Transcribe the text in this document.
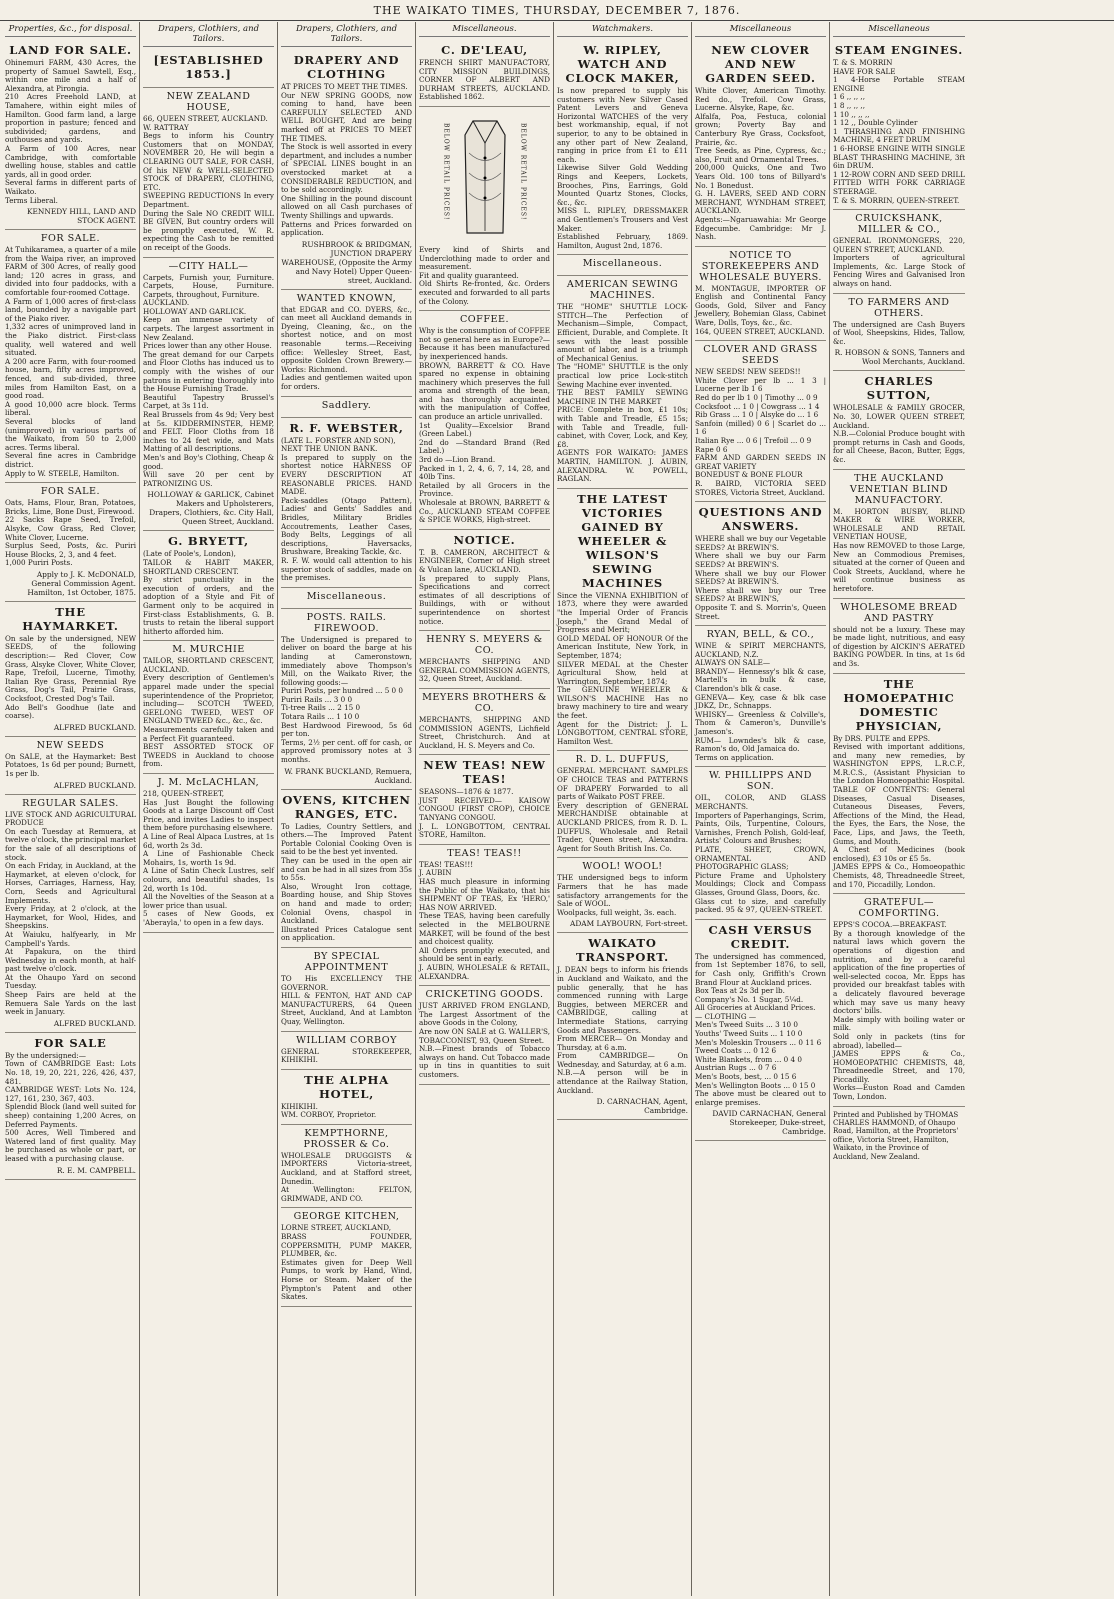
THE WAIKATO TIMES, THURSDAY, DECEMBER 7, 1876.
Properties, &c., for disposal.
LAND FOR SALE.

Ohinemuri FARM, 430 Acres, the property of Samuel Sawtell, Esq., within one mile and a half of Alexandra, at Pirongia.

210 Acres Freehold LAND, at Tamahere, within eight miles of Hamilton. Good farm land, a large proportion in pasture; fenced and subdivided; gardens, and outhouses and yards.

A Farm of 100 Acres, near Cambridge, with comfortable dwelling house, stables and cattle yards, all in good order.

Several farms in different parts of Waikato.

Terms Liberal.

KENNEDY HILL, LAND AND STOCK AGENT.
FOR SALE.

At Tuhikaramea, a quarter of a mile from the Waipa river, an improved FARM of 300 Acres, of really good land; 120 acres in grass, and divided into four paddocks, with a comfortable four-roomed Cottage.

A Farm of 1,000 acres of first-class land, bounded by a navigable part of the Piako river.

1,332 acres of unimproved land in the Piako district. First-class quality, well watered and well situated.

A 200 acre Farm, with four-roomed house, barn, fifty acres improved, fenced, and sub-divided, three miles from Hamilton East, on a good road.

A good 10,000 acre block. Terms liberal.

Several blocks of land (unimproved) in various parts of the Waikato, from 50 to 2,000 acres. Terms liberal.

Several fine acres in Cambridge district.

Apply to W. STEELE, Hamilton.

FOR SALE.

Oats, Hams, Flour, Bran, Potatoes, Bricks, Lime, Bone Dust, Firewood.

22 Sacks Rape Seed, Trefoil, Alsyke, Cow Grass, Red Clover, White Clover, Lucerne.

Surplus Seed, Posts, &c. Puriri House Blocks, 2, 3, and 4 feet.

1,000 Puriri Posts.

Apply to J. K. McDONALD, General Commission Agent. Hamilton, 1st October, 1875.
THE HAYMARKET.

On sale by the undersigned, NEW SEEDS, of the following description:— Red Clover, Cow Grass, Alsyke Clover, White Clover, Rape, Trefoil, Lucerne, Timothy, Italian Rye Grass, Perennial Rye Grass, Dog's Tail, Prairie Grass, Cocksfoot, Crested Dog's Tail.

Ado Bell's Goodhue (late and coarse).

ALFRED BUCKLAND.
NEW SEEDS

On SALE, at the Haymarket: Best Potatoes, 1s 6d per pound; Burnett, 1s per lb.

ALFRED BUCKLAND.
REGULAR SALES.

LIVE STOCK AND AGRICULTURAL PRODUCE

On each Tuesday at Remuera, at twelve o'clock, the principal market for the sale of all descriptions of stock.

On each Friday, in Auckland, at the Haymarket, at eleven o'clock, for Horses, Carriages, Harness, Hay, Corn, Seeds and Agricultural Implements.

Every Friday, at 2 o'clock, at the Haymarket, for Wool, Hides, and Sheepskins.

At Waiuku, halfyearly, in Mr Campbell's Yards.

At Papakura, on the third Wednesday in each month, at half-past twelve o'clock.

At the Ohaupo Yard on second Tuesday.

Sheep Fairs are held at the Remuera Sale Yards on the last week in January.

ALFRED BUCKLAND.
FOR SALE

By the undersigned:—

Town of CAMBRIDGE East: Lots No. 18, 19, 20, 221, 226, 426, 437, 481.

CAMBRIDGE WEST: Lots No. 124, 127, 161, 230, 367, 403.

Splendid Block (land well suited for sheep) containing 1,200 Acres, on Deferred Payments.

500 Acres, Well Timbered and Watered land of first quality. May be purchased as whole or part, or leased with a purchasing clause.

R. E. M. CAMPBELL.
Drapers, Clothiers, and Tailors.
[ESTABLISHED 1853.]
NEW ZEALAND HOUSE,

66, QUEEN STREET, AUCKLAND.

W. RATTRAY

Begs to inform his Country Customers that on MONDAY, NOVEMBER 20, He will begin a CLEARING OUT SALE, FOR CASH, Of his NEW & WELL-SELECTED STOCK of DRAPERY, CLOTHING, ETC.

SWEEPING REDUCTIONS In every Department.

During the Sale NO CREDIT WILL BE GIVEN, But country orders will be promptly executed, W. R. expecting the Cash to be remitted on receipt of the Goods.

—CITY HALL—

Carpets, Furnish your, Furniture. Carpets, House, Furniture. Carpets, throughout, Furniture.

AUCKLAND.

HOLLOWAY AND GARLICK.

Keep an immense variety of carpets. The largest assortment in New Zealand.

Prices lower than any other House.

The great demand for our Carpets and Floor Cloths has induced us to comply with the wishes of our patrons in entering thoroughly into the House Furnishing Trade.

Beautiful Tapestry Brussel's Carpet, at 3s 11d.

Real Brussels from 4s 9d; Very best at 5s. KIDDERMINSTER, HEMP, and FELT. Floor Cloths from 18 inches to 24 feet wide, and Mats Matting of all descriptions.

Men's and Boy's Clothing, Cheap & good.

Will save 20 per cent by PATRONIZING US.

HOLLOWAY & GARLICK, Cabinet Makers and Upholsterers, Drapers, Clothiers, &c. City Hall, Queen Street, Auckland.
G. BRYETT,

(Late of Poole's, London),

TAILOR & HABIT MAKER, SHORTLAND CRESCENT.

By strict punctuality in the execution of orders, and the adoption of a Style and Fit of Garment only to be acquired in First-class Establishments, G. B. trusts to retain the liberal support hitherto afforded him.

M. MURCHIE

TAILOR, SHORTLAND CRESCENT, AUCKLAND.

Every description of Gentlemen's apparel made under the special superintendence of the Proprietor, including— SCOTCH TWEED, GEELONG TWEED, WEST OF ENGLAND TWEED &c., &c., &c.

Measurements carefully taken and a Perfect Fit guaranteed.

BEST ASSORTED STOCK OF TWEEDS in Auckland to choose from.

J. M. McLACHLAN,

218, QUEEN-STREET,

Has Just Bought the following Goods at a Large Discount off Cost Price, and invites Ladies to inspect them before purchasing elsewhere.

A Line of Real Alpaca Lustres, at 1s 6d, worth 2s 3d.

A Line of Fashionable Check Mohairs, 1s, worth 1s 9d.

A Line of Satin Check Lustres, self colours, and beautiful shades, 1s 2d, worth 1s 10d.

All the Novelties of the Season at a lower price than usual.

5 cases of New Goods, ex 'Aberayla,' to open in a few days.

Drapers, Clothiers, and Tailors.
DRAPERY AND CLOTHING

AT PRICES TO MEET THE TIMES.

Our NEW SPRING GOODS, now coming to hand, have been CAREFULLY SELECTED AND WELL BOUGHT, And are being marked off at PRICES TO MEET THE TIMES.

The Stock is well assorted in every department, and includes a number of SPECIAL LINES bought in an overstocked market at a CONSIDERABLE REDUCTION, and to be sold accordingly.

One Shilling in the pound discount allowed on all Cash purchases of Twenty Shillings and upwards.

Patterns and Prices forwarded on application.

RUSHBROOK & BRIDGMAN, JUNCTION DRAPERY WAREHOUSE, (Opposite the Army and Navy Hotel) Upper Queen-street, Auckland.
WANTED KNOWN,

that EDGAR and CO. DYERS, &c., can meet all Auckland demands in Dyeing, Cleaning, &c., on the shortest notice, and on most reasonable terms.—Receiving office: Wellesley Street, East, opposite Golden Crown Brewery.—Works: Richmond.

Ladies and gentlemen waited upon for orders.

Saddlery.
R. F. WEBSTER,

(LATE L. FORSTER AND SON),

NEXT THE UNION BANK.

Is prepared to supply on the shortest notice HARNESS OF EVERY DESCRIPTION AT REASONABLE PRICES. HAND MADE.

Pack-saddles (Otago Pattern), Ladies' and Gents' Saddles and Bridles, Military Bridles Accoutrements, Leather Cases, Body Belts, Leggings of all descriptions, Haversacks, Brushware, Breaking Tackle, &c.

R. F. W. would call attention to his superior stock of saddles, made on the premises.

Miscellaneous.
POSTS. RAILS. FIREWOOD.

The Undersigned is prepared to deliver on board the barge at his landing at Cameronstown, immediately above Thompson's Mill, on the Waikato River, the following goods:—

Puriri Posts, per hundred ... 5 0 0

Puriri Rails ... 3 0 0

Ti-tree Rails ... 2 15 0

Totara Rails ... 1 10 0

Best Hardwood Firewood, 5s 6d per ton.

Terms, 2½ per cent. off for cash, or approved promissory notes at 3 months.

W. FRANK BUCKLAND, Remuera, Auckland.
OVENS, KITCHEN RANGES, ETC.

To Ladies, Country Settlers, and others.—The Improved Patent Portable Colonial Cooking Oven is said to be the best yet invented.

They can be used in the open air and can be had in all sizes from 35s to 55s.

Also, Wrought Iron cottage, Boarding house, and Ship Stoves on hand and made to order; Colonial Ovens, chaspol in Auckland.

Illustrated Prices Catalogue sent on application.

BY SPECIAL APPOINTMENT

TO His EXCELLENCY THE GOVERNOR.

HILL & FENTON, HAT AND CAP MANUFACTURERS, 64 Queen Street, Auckland, And at Lambton Quay, Wellington.

WILLIAM CORBOY

GENERAL STOREKEEPER, KIHIKIHI.

THE ALPHA HOTEL,

KIHIKIHI.

WM. CORBOY, Proprietor.

KEMPTHORNE, PROSSER & Co.

WHOLESALE DRUGGISTS & IMPORTERS Victoria-street, Auckland, and at Stafford street, Dunedin.

At Wellington: FELTON, GRIMWADE, AND CO.

GEORGE KITCHEN,

LORNE STREET, AUCKLAND,

BRASS FOUNDER, COPPERSMITH, PUMP MAKER, PLUMBER, &c.

Estimates given for Deep Well Pumps, to work by Hand, Wind, Horse or Steam. Maker of the Plympton's Patent and other Skates.

Miscellaneous.
C. DE'LEAU,

FRENCH SHIRT MANUFACTORY, CITY MISSION BUILDINGS, CORNER OF ALBERT AND DURHAM STREETS, AUCKLAND. Established 1862.

BELOW RETAIL PRICES!	BELOW RETAIL PRICES!

Every kind of Shirts and Underclothing made to order and measurement.

Fit and quality guaranteed.

Old Shirts Re-fronted, &c. Orders executed and forwarded to all parts of the Colony.

COFFEE.

Why is the consumption of COFFEE not so general here as in Europe?—Because it has been manufactured by inexperienced hands.

BROWN, BARRETT & CO. Have spared no expense in obtaining machinery which preserves the full aroma and strength of the bean, and has thoroughly acquainted with the manipulation of Coffee, can produce an article unrivalled.

1st Quality—Excelsior Brand (Green Label.)

2nd do —Standard Brand (Red Label.)

3rd do —Lion Brand.

Packed in 1, 2, 4, 6, 7, 14, 28, and 40lb Tins.

Retailed by all Grocers in the Province.

Wholesale at BROWN, BARRETT & Co., AUCKLAND STEAM COFFEE & SPICE WORKS, High-street.

NOTICE.

T. B. CAMERON, ARCHITECT & ENGINEER, Corner of High street & Vulcan lane, AUCKLAND.

Is prepared to supply Plans, Specifications and correct estimates of all descriptions of Buildings, with or without superintendence on shortest notice.

HENRY S. MEYERS & CO.

MERCHANTS SHIPPING AND GENERAL COMMISSION AGENTS, 32, Queen Street, Auckland.

MEYERS BROTHERS & CO.

MERCHANTS, SHIPPING AND COMMISSION AGENTS, Lichfield Street, Christchurch. And at Auckland, H. S. Meyers and Co.

NEW TEAS! NEW TEAS!

SEASONS—1876 & 1877.

JUST RECEIVED— KAISOW CONGOU (FIRST CROP), CHOICE TANYANG CONGOU.

J. L. LONGBOTTOM, CENTRAL STORE, Hamilton.

TEAS! TEAS!!

TEAS! TEAS!!!

J. AUBIN

HAS much pleasure in informing the Public of the Waikato, that his SHIPMENT OF TEAS, Ex 'HERO,' HAS NOW ARRIVED.

These TEAS, having been carefully selected in the MELBOURNE MARKET, will be found of the best and choicest quality.

All Orders promptly executed, and should be sent in early.

J. AUBIN, WHOLESALE & RETAIL, ALEXANDRA.

CRICKETING GOODS.

JUST ARRIVED FROM ENGLAND, The Largest Assortment of the above Goods in the Colony,

Are now ON SALE at G. WALLER'S, TOBACCONIST, 93, Queen Street.

N.B.—Finest brands of Tobacco always on hand. Cut Tobacco made up in tins in quantities to suit customers.

Watchmakers.
W. RIPLEY, WATCH AND CLOCK MAKER,

Is now prepared to supply his customers with New Silver Cased Patent Levers and Geneva Horizontal WATCHES of the very best workmanship, equal, if not superior, to any to be obtained in any other part of New Zealand, ranging in price from £1 to £11 each.

Likewise Silver Gold Wedding Rings and Keepers, Lockets, Brooches, Pins, Earrings, Gold Mounted Quartz Stones, Clocks, &c., &c.

MISS L. RIPLEY, DRESSMAKER and Gentlemen's Trousers and Vest Maker.

Established February, 1869. Hamilton, August 2nd, 1876.

Miscellaneous.
AMERICAN SEWING MACHINES.

THE "HOME" SHUTTLE LOCK-STITCH—The Perfection of Mechanism—Simple, Compact, Efficient, Durable, and Complete. It sews with the least possible amount of labor, and is a triumph of Mechanical Genius.

The "HOME" SHUTTLE is the only practical low price Lock-stitch Sewing Machine ever invented.

THE BEST FAMILY SEWING MACHINE IN THE MARKET

PRICE: Complete in box, £1 10s; with Table and Treadle, £5 15s; with Table and Treadle, full-cabinet, with Cover, Lock, and Key, £8.

AGENTS FOR WAIKATO: JAMES MARTIN, HAMILTON. J. AUBIN, ALEXANDRA. W. POWELL, RAGLAN.

THE LATEST VICTORIES GAINED BY WHEELER & WILSON'S SEWING MACHINES

Since the VIENNA EXHIBITION of 1873, where they were awarded "the Imperial Order of Francis Joseph," the Grand Medal of Progress and Merit;

GOLD MEDAL OF HONOUR Of the American Institute, New York, in September, 1874;

SILVER MEDAL at the Chester Agricultural Show, held at Warrington, September, 1874;

The GENUINE WHEELER & WILSON'S MACHINE Has no brawy machinery to tire and weary the feet.

Agent for the District: J. L. LONGBOTTOM, CENTRAL STORE, Hamilton West.

R. D. L. DUFFUS,

GENERAL MERCHANT. SAMPLES OF CHOICE TEAS and PATTERNS OF DRAPERY Forwarded to all parts of Waikato POST FREE.

Every description of GENERAL MERCHANDISE obtainable at AUCKLAND PRICES, from R. D. L. DUFFUS, Wholesale and Retail Trader, Queen street, Alexandra. Agent for South British Ins. Co.

WOOL! WOOL!

THE undersigned begs to inform Farmers that he has made satisfactory arrangements for the Sale of WOOL.

Woolpacks, full weight, 3s. each.

ADAM LAYBOURN, Fort-street.
WAIKATO TRANSPORT.

J. DEAN begs to inform his friends in Auckland and Waikato, and the public generally, that he has commenced running with Large Buggies, between MERCER and CAMBRIDGE, calling at Intermediate Stations, carrying Goods and Passengers.

From MERCER— On Monday and Thursday, at 6 a.m.

From CAMBRIDGE— On Wednesday, and Saturday, at 6 a.m.

N.B.—A person will be in attendance at the Railway Station, Auckland.

D. CARNACHAN, Agent, Cambridge.
Miscellaneous
NEW CLOVER AND NEW GARDEN SEED.

White Clover, American Timothy. Red do., Trefoil. Cow Grass, Lucerne. Alsyke, Rape, &c.

Alfalfa, Poa, Festuca, colonial grown; Poverty Bay and Canterbury Rye Grass, Cocksfoot, Prairie, &c.

Tree Seeds, as Pine, Cypress, &c.; also, Fruit and Ornamental Trees.

200,000 Quicks, One and Two Years Old. 100 tons of Billyard's No. 1 Bonedust.

G. H. LAVERS, SEED AND CORN MERCHANT, WYNDHAM STREET, AUCKLAND.

Agents:—Ngaruawahia: Mr George Edgecumbe. Cambridge: Mr J. Nash.

NOTICE TO STOREKEEPERS AND WHOLESALE BUYERS.

M. MONTAGUE, IMPORTER OF English and Continental Fancy Goods, Gold, Silver and Fancy Jewellery, Bohemian Glass, Cabinet Ware, Dolls, Toys, &c., &c.

164, QUEEN STREET, AUCKLAND.

CLOVER AND GRASS SEEDS

NEW SEEDS! NEW SEEDS!!

White Clover per lb ... 1 3 | Lucerne per lb 1 6

Red do per lb 1 0 | Timothy ... 0 9

Cocksfoot ... 1 0 | Cowgrass ... 1 4

Rib Grass ... 1 0 | Alsyke do ... 1 6

Sanfoin (milled) 0 6 | Scarlet do ... 1 6

Italian Rye ... 0 6 | Trefoil ... 0 9

Rape 0 6

FARM AND GARDEN SEEDS IN GREAT VARIETY

BONEDUST & BONE FLOUR

R. BAIRD, VICTORIA SEED STORES, Victoria Street, Auckland.

QUESTIONS AND ANSWERS.

WHERE shall we buy our Vegetable SEEDS? At BREWIN'S.

Where shall we buy our Farm SEEDS? At BREWIN'S.

Where shall we buy our Flower SEEDS? At BREWIN'S.

Where shall we buy our Tree SEEDS? At BREWIN'S,

Opposite T. and S. Morrin's, Queen Street.

RYAN, BELL, & CO.,

WINE & SPIRIT MERCHANTS, AUCKLAND, N.Z.

ALWAYS ON SALE—

BRANDY— Hennessy's blk & case, Martell's in bulk & case, Clarendon's blk & case.

GENEVA— Key, case & blk case JDKZ, Dr., Schnapps.

WHISKY— Greenless & Colville's, Thom & Cameron's, Dunville's Jameson's.

RUM— Lowndes's blk & case, Ramon's do, Old Jamaica do.

Terms on application.

W. PHILLIPPS AND SON.

OIL, COLOR, AND GLASS MERCHANTS.

Importers of Paperhangings, Scrim, Paints, Oils, Turpentine, Colours, Varnishes, French Polish, Gold-leaf, Artists' Colours and Brushes;

PLATE, SHEET, CROWN, ORNAMENTAL AND PHOTOGRAPHIC GLASS;

Picture Frame and Upholstery Mouldings; Clock and Compass Glasses, Ground Glass, Doors, &c.

Glass cut to size, and carefully packed. 95 & 97, QUEEN-STREET.

CASH VERSUS CREDIT.

The undersigned has commenced, from 1st September 1876, to sell, for Cash only, Griffith's Crown Brand Flour at Auckland prices.

Box Teas at 2s 3d per lb.

Company's No. 1 Sugar, 5¼d.

All Groceries at Auckland Prices.

— CLOTHING —

Men's Tweed Suits ... 3 10 0

Youths' Tweed Suits ... 1 10 0

Men's Moleskin Trousers ... 0 11 6

Tweed Coats ... 0 12 6

White Blankets, from ... 0 4 0

Austrian Rugs ... 0 7 6

Men's Boots, best, ... 0 15 6

Men's Wellington Boots ... 0 15 0

The above must be cleared out to enlarge premises.

DAVID CARNACHAN, General Storekeeper, Duke-street, Cambridge.
Miscellaneous
STEAM ENGINES.

T. & S. MORRIN

HAVE FOR SALE

1 4-Horse Portable STEAM ENGINE

1 6 ,, ,, ,,

1 8 ,, ,, ,,

1 10 ,, ,, ,,

1 12 ,, Double Cylinder

1 THRASHING AND FINISHING MACHINE, 4 FEET DRUM

1 6-HORSE ENGINE WITH SINGLE BLAST THRASHING MACHINE, 3ft 6in DRUM.

1 12-ROW CORN AND SEED DRILL FITTED WITH FORK CARRIAGE STEERAGE.

T. & S. MORRIN, QUEEN-STREET.

CRUICKSHANK, MILLER & CO.,

GENERAL IRONMONGERS, 220, QUEEN STREET, AUCKLAND.

Importers of agricultural Implements, &c. Large Stock of Fencing Wires and Galvanised Iron always on hand.

TO FARMERS AND OTHERS.

The undersigned are Cash Buyers of Wool, Sheepskins, Hides, Tallow, &c.

R. HOBSON & SONS, Tanners and Wool Merchants, Auckland.
CHARLES SUTTON,

WHOLESALE & FAMILY GROCER, No. 30, LOWER QUEEN STREET, Auckland.

N.B.—Colonial Produce bought with prompt returns in Cash and Goods, for all Cheese, Bacon, Butter, Eggs, &c.

THE AUCKLAND VENETIAN BLIND MANUFACTORY.

M. HORTON BUSBY, BLIND MAKER & WIRE WORKER, WHOLESALE AND RETAIL VENETIAN HOUSE,

Has now REMOVED to those Large, New an Commodious Premises, situated at the corner of Queen and Cook Streets, Auckland, where he will continue business as heretofore.

WHOLESOME BREAD AND PASTRY

should not be a luxury. These may be made light, nutritious, and easy of digestion by AICKIN'S AERATED BAKING POWDER. In tins, at 1s 6d and 3s.

THE HOMOEPATHIC DOMESTIC PHYSICIAN,

By DRS. PULTE and EPPS.

Revised with important additions, and many new remedies, by WASHINGTON EPPS, L.R.C.P., M.R.C.S., (Assistant Physician to the London Homoeopathic Hospital.

TABLE OF CONTENTS: General Diseases, Casual Diseases, Cutaneous Diseases, Fevers, Affections of the Mind, the Head, the Eyes, the Ears, the Nose, the Face, Lips, and Jaws, the Teeth, Gums, and Mouth.

A Chest of Medicines (book enclosed), £3 10s or £5 5s.

JAMES EPPS & Co., Homoeopathic Chemists, 48, Threadneedle Street, and 170, Piccadilly, London.

GRATEFUL—COMFORTING.

EPPS'S COCOA.—BREAKFAST.

By a thorough knowledge of the natural laws which govern the operations of digestion and nutrition, and by a careful application of the fine properties of well-selected cocoa, Mr. Epps has provided our breakfast tables with a delicately flavoured beverage which may save us many heavy doctors' bills.

Made simply with boiling water or milk.

Sold only in packets (tins for abroad), labelled—

JAMES EPPS & Co., HOMOEOPATHIC CHEMISTS, 48, Threadneedle Street, and 170, Piccadilly.

Works—Euston Road and Camden Town, London.

Printed and Published by THOMAS CHARLES HAMMOND, of Ohaupo Road, Hamilton, at the Proprietors' office, Victoria Street, Hamilton, Waikato, in the Province of Auckland, New Zealand.
